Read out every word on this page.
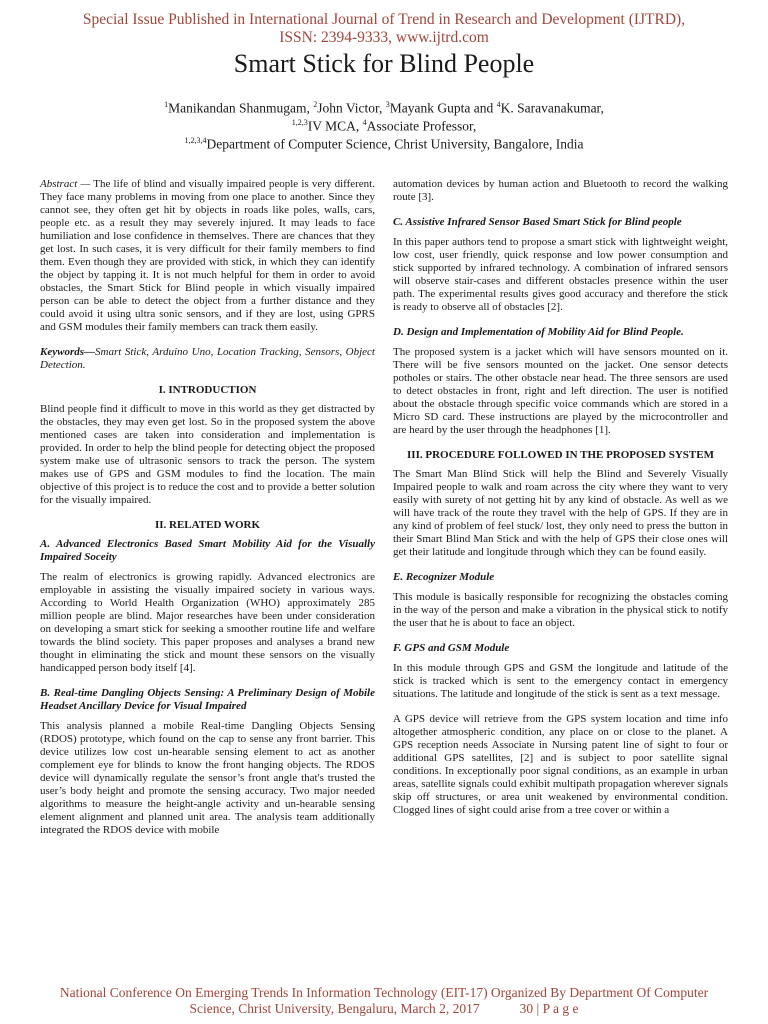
Special Issue Published in International Journal of Trend in Research and Development (IJTRD),
ISSN: 2394-9333, www.ijtrd.com
Smart Stick for Blind People
$^1$Manikandan Shanmugam, $^2$John Victor, $^3$Mayank Gupta and $^4$K. Saravanakumar,
$^{1,2,3}$IV MCA, $^4$Associate Professor,
$^{1,2,3,4}$Department of Computer Science, Christ University, Bangalore, India

Abstract — The life of blind and visually impaired people is very different. They face many problems in moving from one place to another. Since they cannot see, they often get hit by objects in roads like poles, walls, cars, people etc. as a result they may severely injured. It may leads to face humiliation and lose confidence in themselves. There are chances that they get lost. In such cases, it is very difficult for their family members to find them. Even though they are provided with stick, in which they can identify the object by tapping it. It is not much helpful for them in order to avoid obstacles, the Smart Stick for Blind people in which visually impaired person can be able to detect the object from a further distance and they could avoid it using ultra sonic sensors, and if they are lost, using GPRS and GSM modules their family members can track them easily.

Keywords—Smart Stick, Arduino Uno, Location Tracking, Sensors, Object Detection.

I. INTRODUCTION

Blind people find it difficult to move in this world as they get distracted by the obstacles, they may even get lost. So in the proposed system the above mentioned cases are taken into consideration and implementation is provided. In order to help the blind people for detecting object the proposed system make use of ultrasonic sensors to track the person. The system makes use of GPS and GSM modules to find the location. The main objective of this project is to reduce the cost and to provide a better solution for the visually impaired.

II. RELATED WORK
A. Advanced Electronics Based Smart Mobility Aid for the Visually Impaired Soceity

The realm of electronics is growing rapidly. Advanced electronics are employable in assisting the visually impaired society in various ways. According to World Health Organization (WHO) approximately 285 million people are blind. Major researches have been under consideration on developing a smart stick for seeking a smoother routine life and welfare towards the blind society. This paper proposes and analyses a brand new thought in eliminating the stick and mount these sensors on the visually handicapped person body itself [4].

B. Real-time Dangling Objects Sensing: A Preliminary Design of Mobile Headset Ancillary Device for Visual Impaired

This analysis planned a mobile Real-time Dangling Objects Sensing (RDOS) prototype, which found on the cap to sense any front barrier. This device utilizes low cost un-hearable sensing element to act as another complement eye for blinds to know the front hanging objects. The RDOS device will dynamically regulate the sensor’s front angle that's trusted the user’s body height and promote the sensing accuracy. Two major needed algorithms to measure the height-angle activity and un-hearable sensing element alignment and planned unit area. The analysis team additionally integrated the RDOS device with mobile

automation devices by human action and Bluetooth to record the walking route [3].

C. Assistive Infrared Sensor Based Smart Stick for Blind people

In this paper authors tend to propose a smart stick with lightweight weight, low cost, user friendly, quick response and low power consumption and stick supported by infrared technology. A combination of infrared sensors will observe stair-cases and different obstacles presence within the user path. The experimental results gives good accuracy and therefore the stick is ready to observe all of obstacles [2].

D. Design and Implementation of Mobility Aid for Blind People.

The proposed system is a jacket which will have sensors mounted on it. There will be five sensors mounted on the jacket. One sensor detects potholes or stairs. The other obstacle near head. The three sensors are used to detect obstacles in front, right and left direction. The user is notified about the obstacle through specific voice commands which are stored in a Micro SD card. These instructions are played by the microcontroller and are heard by the user through the headphones [1].

III. PROCEDURE FOLLOWED IN THE PROPOSED SYSTEM

The Smart Man Blind Stick will help the Blind and Severely Visually Impaired people to walk and roam across the city where they want to very easily with surety of not getting hit by any kind of obstacle. As well as we will have track of the route they travel with the help of GPS. If they are in any kind of problem of feel stuck/ lost, they only need to press the button in their Smart Blind Man Stick and with the help of GPS their close ones will get their latitude and longitude through which they can be found easily.

E. Recognizer Module

This module is basically responsible for recognizing the obstacles coming in the way of the person and make a vibration in the physical stick to notify the user that he is about to face an object.

F. GPS and GSM Module

In this module through GPS and GSM the longitude and latitude of the stick is tracked which is sent to the emergency contact in emergency situations. The latitude and longitude of the stick is sent as a text message.

A GPS device will retrieve from the GPS system location and time info altogether atmospheric condition, any place on or close to the planet. A GPS reception needs Associate in Nursing patent line of sight to four or additional GPS satellites, [2] and is subject to poor satellite signal conditions. In exceptionally poor signal conditions, as an example in urban areas, satellite signals could exhibit multipath propagation wherever signals skip off structures, or area unit weakened by environmental condition. Clogged lines of sight could arise from a tree cover or within a

National Conference On Emerging Trends In Information Technology (EIT-17) Organized By Department Of Computer
Science, Christ University, Bengaluru, March 2, 2017	30 | P a g e
